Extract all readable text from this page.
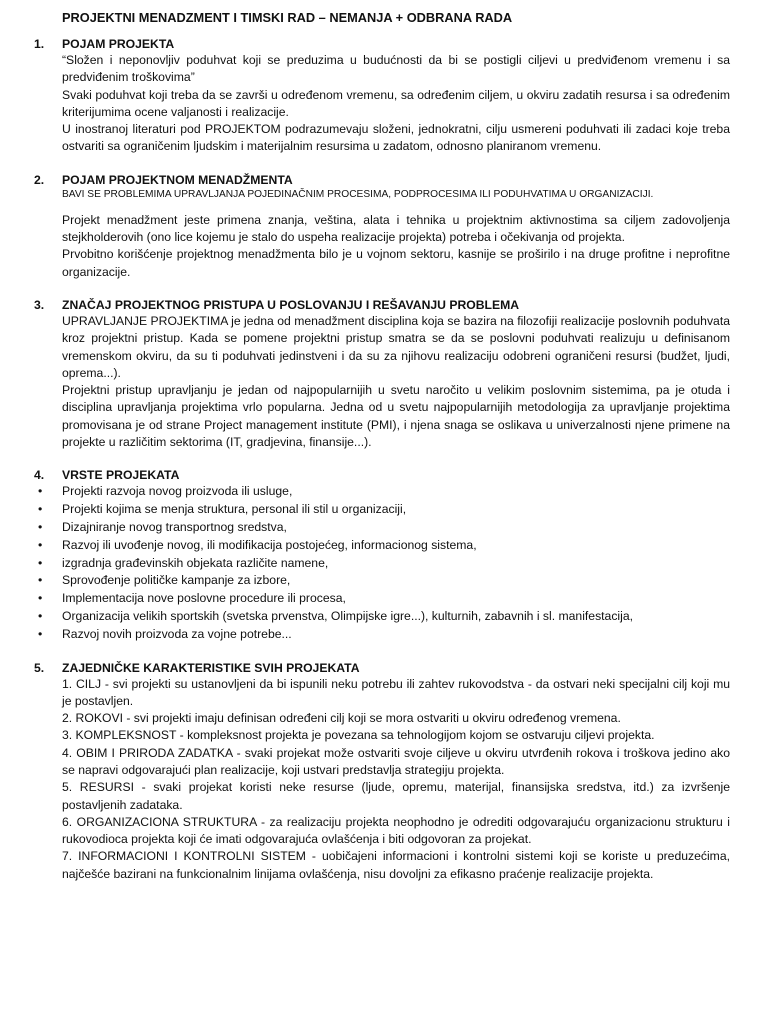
PROJEKTNI MENADZMENT I TIMSKI RAD – NEMANJA + ODBRANA RADA
1.	POJAM PROJEKTA

“Složen i neponovljiv poduhvat koji se preduzima u budućnosti da bi se postigli ciljevi u predviđenom vremenu i sa predviđenim troškovima”

Svaki poduhvat koji treba da se završi u određenom vremenu, sa određenim ciljem, u okviru zadatih resursa i sa određenim kriterijumima ocene valjanosti i realizacije.

U inostranoj literaturi pod PROJEKTOM podrazumevaju složeni, jednokratni, cilju usmereni poduhvati ili zadaci koje treba ostvariti sa ograničenim ljudskim i materijalnim resursima u zadatom, odnosno planiranom vremenu.

2.	POJAM PROJEKTNOM MENADŽMENTA

BAVI SE PROBLEMIMA UPRAVLJANJA POJEDINAČNIM PROCESIMA, PODPROCESIMA ILI PODUHVATIMA U ORGANIZACIJI.

Projekt menadžment jeste primena znanja, veština, alata i tehnika u projektnim aktivnostima sa ciljem zadovoljenja stejkholderovih (ono lice kojemu je stalo do uspeha realizacije projekta) potreba i očekivanja od projekta.

Prvobitno korišćenje projektnog menadžmenta bilo je u vojnom sektoru, kasnije se proširilo i na druge profitne i neprofitne organizacije.

3.	ZNAČAJ PROJEKTNOG PRISTUPA U POSLOVANJU I REŠAVANJU PROBLEMA

UPRAVLJANJE PROJEKTIMA je jedna od menadžment disciplina koja se bazira na filozofiji realizacije poslovnih poduhvata kroz projektni pristup. Kada se pomene projektni pristup smatra se da se poslovni poduhvati realizuju u definisanom vremenskom okviru, da su ti poduhvati jedinstveni i da su za njihovu realizaciju odobreni ograničeni resursi (budžet, ljudi, oprema...).

Projektni pristup upravljanju je jedan od najpopularnijih u svetu naročito u velikim poslovnim sistemima, pa je otuda i disciplina upravljanja projektima vrlo popularna. Jedna od u svetu najpopularnijih metodologija za upravljanje projektima promovisana je od strane Project management institute (PMI), i njena snaga se oslikava u univerzalnosti njene primene na projekte u različitim sektorima (IT, gradjevina, finansije...).

4.	VRSTE PROJEKATA
•	Projekti razvoja novog proizvoda ili usluge,
•	Projekti kojima se menja struktura, personal ili stil u organizaciji,
•	Dizajniranje novog transportnog sredstva,
•	Razvoj ili uvođenje novog, ili modifikacija postojećeg, informacionog sistema,
•	izgradnja građevinskih objekata različite namene,
•	Sprovođenje političke kampanje za izbore,
•	Implementacija nove poslovne procedure ili procesa,
•	Organizacija velikih sportskih (svetska prvenstva, Olimpijske igre...), kulturnih, zabavnih i sl. manifestacija,
•	Razvoj novih proizvoda za vojne potrebe...
5.	ZAJEDNIČKE KARAKTERISTIKE SVIH PROJEKATA
1. CILJ - svi projekti su ustanovljeni da bi ispunili neku potrebu ili zahtev rukovodstva - da ostvari neki specijalni cilj koji mu je postavljen.
2. ROKOVI - svi projekti imaju definisan određeni cilj koji se mora ostvariti u okviru određenog vremena.
3. KOMPLEKSNOST - kompleksnost projekta je povezana sa tehnologijom kojom se ostvaruju ciljevi projekta.
4. OBIM I PRIRODA ZADATKA - svaki projekat može ostvariti svoje ciljeve u okviru utvrđenih rokova i troškova jedino ako se napravi odgovarajući plan realizacije, koji ustvari predstavlja strategiju projekta.
5. RESURSI - svaki projekat koristi neke resurse (ljude, opremu, materijal, finansijska sredstva, itd.) za izvršenje postavljenih zadataka.
6. ORGANIZACIONA STRUKTURA - za realizaciju projekta neophodno je odrediti odgovarajuću organizacionu strukturu i rukovodioca projekta koji će imati odgovarajuća ovlašćenja i biti odgovoran za projekat.
7. INFORMACIONI I KONTROLNI SISTEM - uobičajeni informacioni i kontrolni sistemi koji se koriste u preduzećima, najčešće bazirani na funkcionalnim linijama ovlašćenja, nisu dovoljni za efikasno praćenje realizacije projekta.
